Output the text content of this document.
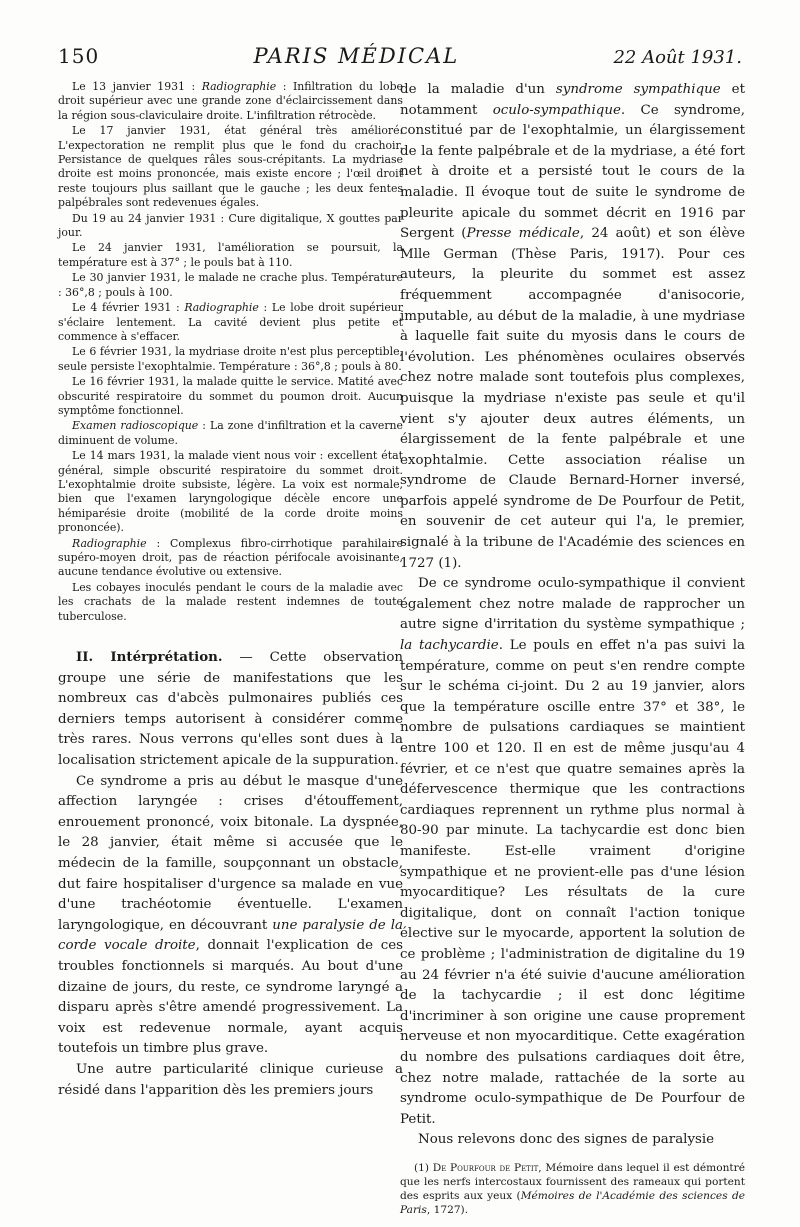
150	PARIS MÉDICAL	22 Août 1931.

Le 13 janvier 1931 : Radiographie : Infiltration du lobe droit supérieur avec une grande zone d'éclaircissement dans la région sous-claviculaire droite. L'infiltration rétrocède.

Le 17 janvier 1931, état général très amélioré. L'expectoration ne remplit plus que le fond du crachoir. Persistance de quelques râles sous-crépitants. La mydriase droite est moins prononcée, mais existe encore ; l'œil droit reste toujours plus saillant que le gauche ; les deux fentes palpébrales sont redevenues égales.

Du 19 au 24 janvier 1931 : Cure digitalique, X gouttes par jour.

Le 24 janvier 1931, l'amélioration se poursuit, la température est à 37° ; le pouls bat à 110.

Le 30 janvier 1931, le malade ne crache plus. Température : 36°,8 ; pouls à 100.

Le 4 février 1931 : Radiographie : Le lobe droit supérieur s'éclaire lentement. La cavité devient plus petite et commence à s'effacer.

Le 6 février 1931, la mydriase droite n'est plus perceptible, seule persiste l'exophtalmie. Température : 36°,8 ; pouls à 80.

Le 16 février 1931, la malade quitte le service. Matité avec obscurité respiratoire du sommet du poumon droit. Aucun symptôme fonctionnel.

Examen radioscopique : La zone d'infiltration et la caverne diminuent de volume.

Le 14 mars 1931, la malade vient nous voir : excellent état général, simple obscurité respiratoire du sommet droit. L'exophtalmie droite subsiste, légère. La voix est normale, bien que l'examen laryngologique décèle encore une hémiparésie droite (mobilité de la corde droite moins prononcée).

Radiographie : Complexus fibro-cirrhotique parahilaire supéro-moyen droit, pas de réaction périfocale avoisinante, aucune tendance évolutive ou extensive.

Les cobayes inoculés pendant le cours de la maladie avec les crachats de la malade restent indemnes de toute tuberculose.

II. Intérprétation. — Cette observation groupe une série de manifestations que les nombreux cas d'abcès pulmonaires publiés ces derniers temps autorisent à considérer comme très rares. Nous verrons qu'elles sont dues à la localisation strictement apicale de la suppuration.

Ce syndrome a pris au début le masque d'une affection laryngée : crises d'étouffement, enrouement prononcé, voix bitonale. La dyspnée, le 28 janvier, était même si accusée que le médecin de la famille, soupçonnant un obstacle, dut faire hospitaliser d'urgence sa malade en vue d'une trachéotomie éventuelle. L'examen laryngologique, en découvrant une paralysie de la corde vocale droite, donnait l'explication de ces troubles fonctionnels si marqués. Au bout d'une dizaine de jours, du reste, ce syndrome laryngé a disparu après s'être amendé progressivement. La voix est redevenue normale, ayant acquis toutefois un timbre plus grave.

Une autre particularité clinique curieuse a résidé dans l'apparition dès les premiers jours

de la maladie d'un syndrome sympathique et notamment oculo-sympathique. Ce syndrome, constitué par de l'exophtalmie, un élargissement de la fente palpébrale et de la mydriase, a été fort net à droite et a persisté tout le cours de la maladie. Il évoque tout de suite le syndrome de pleurite apicale du sommet décrit en 1916 par Sergent (Presse médicale, 24 août) et son élève Mlle German (Thèse Paris, 1917). Pour ces auteurs, la pleurite du sommet est assez fréquemment accompagnée d'anisocorie, imputable, au début de la maladie, à une mydriase à laquelle fait suite du myosis dans le cours de l'évolution. Les phénomènes oculaires observés chez notre malade sont toutefois plus complexes, puisque la mydriase n'existe pas seule et qu'il vient s'y ajouter deux autres éléments, un élargissement de la fente palpébrale et une exophtalmie. Cette association réalise un syndrome de Claude Bernard-Horner inversé, parfois appelé syndrome de De Pourfour de Petit, en souvenir de cet auteur qui l'a, le premier, signalé à la tribune de l'Académie des sciences en 1727 (1).

De ce syndrome oculo-sympathique il convient également chez notre malade de rapprocher un autre signe d'irritation du système sympathique ; la tachycardie. Le pouls en effet n'a pas suivi la température, comme on peut s'en rendre compte sur le schéma ci-joint. Du 2 au 19 janvier, alors que la température oscille entre 37° et 38°, le nombre de pulsations cardiaques se maintient entre 100 et 120. Il en est de même jusqu'au 4 février, et ce n'est que quatre semaines après la défervescence thermique que les contractions cardiaques reprennent un rythme plus normal à 80-90 par minute. La tachycardie est donc bien manifeste. Est-elle vraiment d'origine sympathique et ne provient-elle pas d'une lésion myocarditique? Les résultats de la cure digitalique, dont on connaît l'action tonique élective sur le myocarde, apportent la solution de ce problème ; l'administration de digitaline du 19 au 24 février n'a été suivie d'aucune amélioration de la tachycardie ; il est donc légitime d'incriminer à son origine une cause proprement nerveuse et non myocarditique. Cette exagération du nombre des pulsations cardiaques doit être, chez notre malade, rattachée de la sorte au syndrome oculo-sympathique de De Pourfour de Petit.

Nous relevons donc des signes de paralysie

(1) De Pourfour de Petit, Mémoire dans lequel il est démontré que les nerfs intercostaux fournissent des rameaux qui portent des esprits aux yeux (Mémoires de l'Académie des sciences de Paris, 1727).
